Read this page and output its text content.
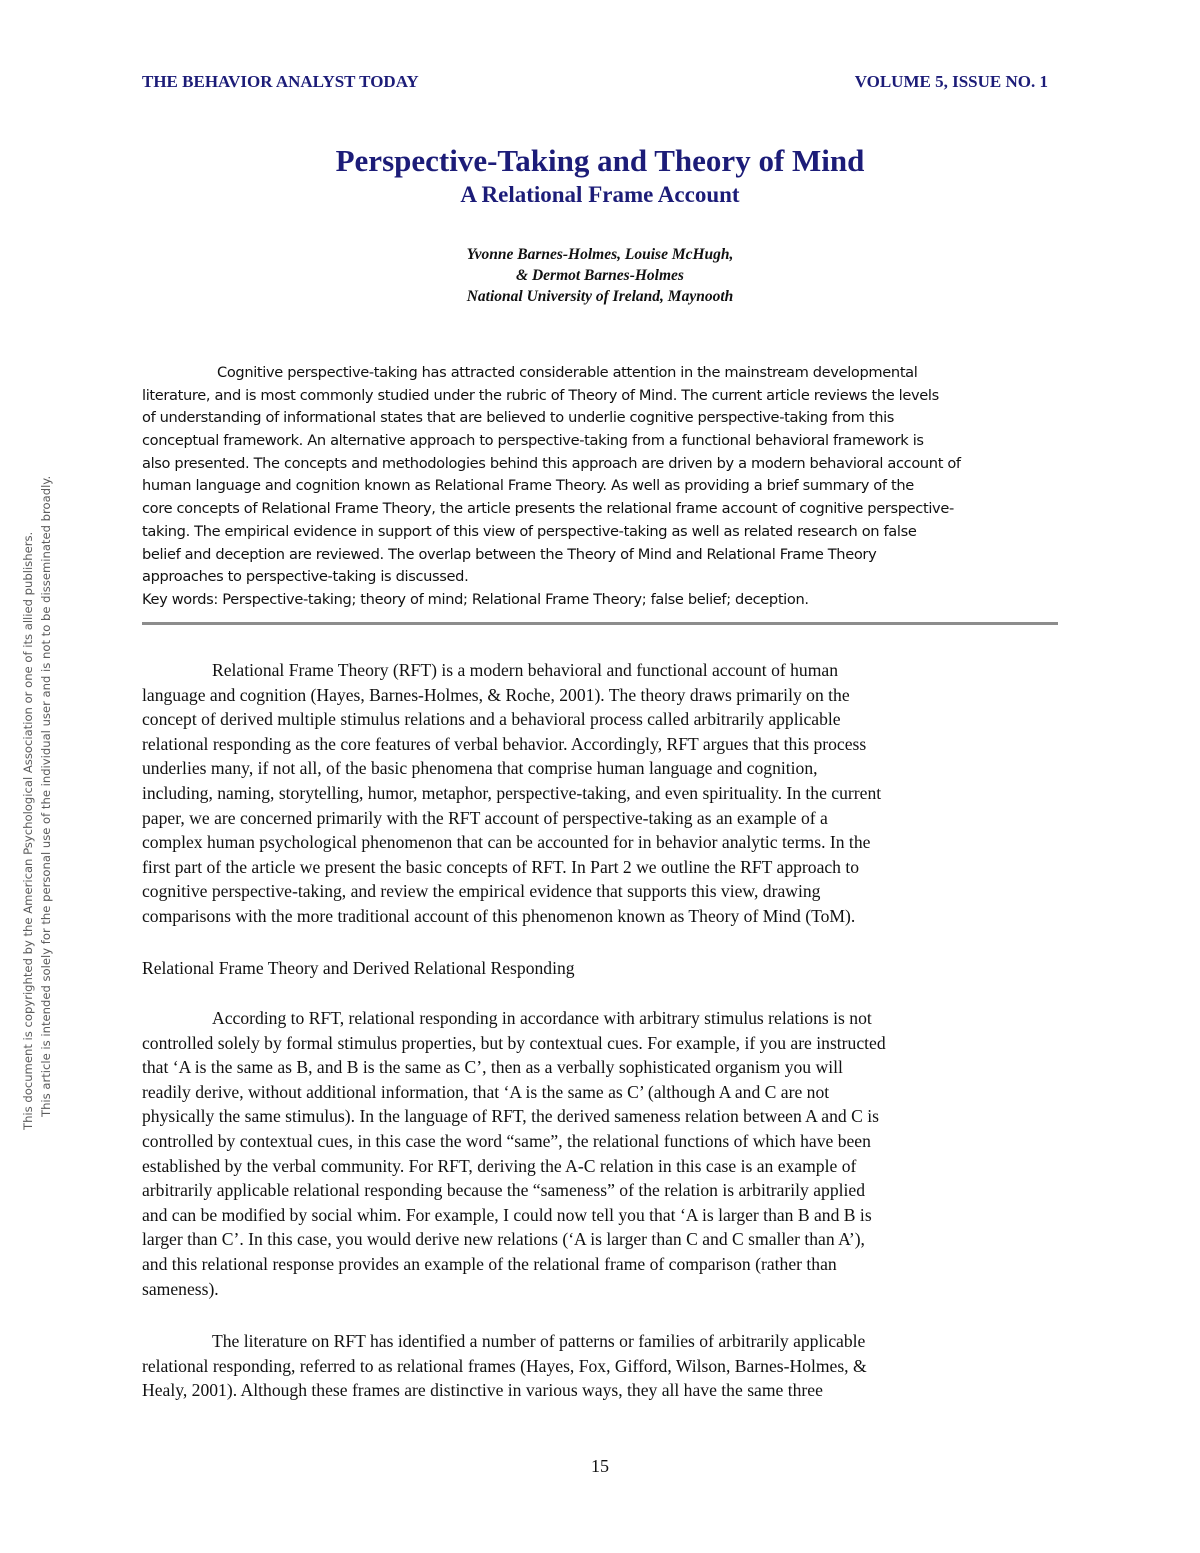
THE BEHAVIOR ANALYST TODAY	VOLUME 5, ISSUE NO. 1
Perspective-Taking and Theory of Mind
A Relational Frame Account
Yvonne Barnes-Holmes, Louise McHugh,
& Dermot Barnes-Holmes
National University of Ireland, Maynooth
Cognitive perspective-taking has attracted considerable attention in the mainstream developmental
literature, and is most commonly studied under the rubric of Theory of Mind. The current article reviews the levels
of understanding of informational states that are believed to underlie cognitive perspective-taking from this
conceptual framework. An alternative approach to perspective-taking from a functional behavioral framework is
also presented. The concepts and methodologies behind this approach are driven by a modern behavioral account of
human language and cognition known as Relational Frame Theory. As well as providing a brief summary of the
core concepts of Relational Frame Theory, the article presents the relational frame account of cognitive perspective-
taking. The empirical evidence in support of this view of perspective-taking as well as related research on false
belief and deception are reviewed. The overlap between the Theory of Mind and Relational Frame Theory
approaches to perspective-taking is discussed.
Key words: Perspective-taking; theory of mind; Relational Frame Theory; false belief; deception.
Relational Frame Theory (RFT) is a modern behavioral and functional account of human
language and cognition (Hayes, Barnes-Holmes, & Roche, 2001). The theory draws primarily on the
concept of derived multiple stimulus relations and a behavioral process called arbitrarily applicable
relational responding as the core features of verbal behavior. Accordingly, RFT argues that this process
underlies many, if not all, of the basic phenomena that comprise human language and cognition,
including, naming, storytelling, humor, metaphor, perspective-taking, and even spirituality. In the current
paper, we are concerned primarily with the RFT account of perspective-taking as an example of a
complex human psychological phenomenon that can be accounted for in behavior analytic terms. In the
first part of the article we present the basic concepts of RFT. In Part 2 we outline the RFT approach to
cognitive perspective-taking, and review the empirical evidence that supports this view, drawing
comparisons with the more traditional account of this phenomenon known as Theory of Mind (ToM).
Relational Frame Theory and Derived Relational Responding
According to RFT, relational responding in accordance with arbitrary stimulus relations is not
controlled solely by formal stimulus properties, but by contextual cues. For example, if you are instructed
that ‘A is the same as B, and B is the same as C’, then as a verbally sophisticated organism you will
readily derive, without additional information, that ‘A is the same as C’ (although A and C are not
physically the same stimulus). In the language of RFT, the derived sameness relation between A and C is
controlled by contextual cues, in this case the word “same”, the relational functions of which have been
established by the verbal community. For RFT, deriving the A-C relation in this case is an example of
arbitrarily applicable relational responding because the “sameness” of the relation is arbitrarily applied
and can be modified by social whim. For example, I could now tell you that ‘A is larger than B and B is
larger than C’. In this case, you would derive new relations (‘A is larger than C and C smaller than A’),
and this relational response provides an example of the relational frame of comparison (rather than
sameness).
The literature on RFT has identified a number of patterns or families of arbitrarily applicable
relational responding, referred to as relational frames (Hayes, Fox, Gifford, Wilson, Barnes-Holmes, &
Healy, 2001). Although these frames are distinctive in various ways, they all have the same three
15
This document is copyrighted by the American Psychological Association or one of its allied publishers. This article is intended solely for the personal use of the individual user and is not to be disseminated broadly.
